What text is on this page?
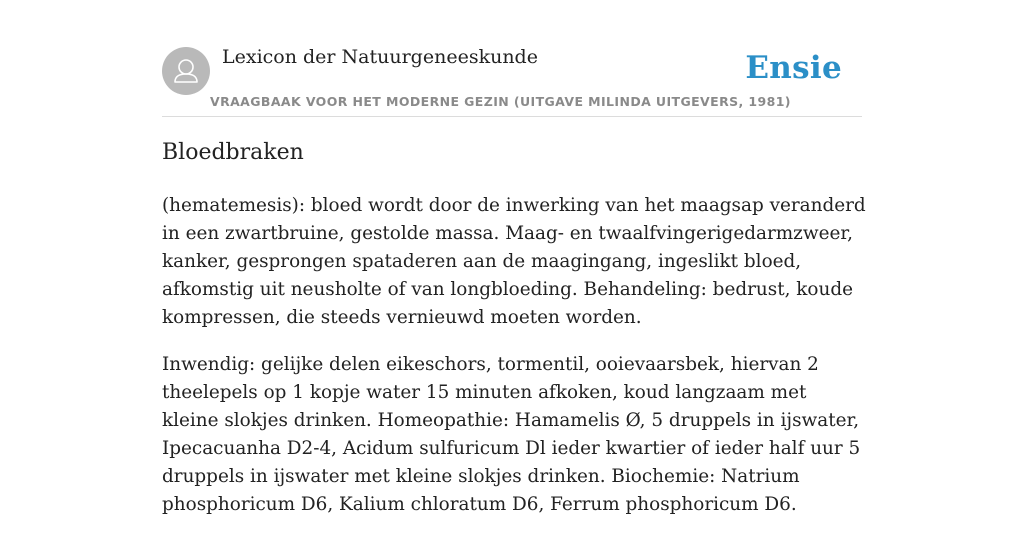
Lexicon der Natuurgeneeskunde
VRAAGBAAK VOOR HET MODERNE GEZIN (UITGAVE MILINDA UITGEVERS, 1981)
Ensie
Bloedbraken

(hematemesis): bloed wordt door de inwerking van het maagsap veranderd in een zwartbruine, gestolde massa. Maag- en twaalfvingerigedarmzweer, kanker, gesprongen spataderen aan de maagingang, ingeslikt bloed, afkomstig uit neusholte of van longbloeding. Behandeling: bedrust, koude kompressen, die steeds vernieuwd moeten worden.

Inwendig: gelijke delen eikeschors, tormentil, ooievaarsbek, hiervan 2 theelepels op 1 kopje water 15 minuten afkoken, koud langzaam met kleine slokjes drinken. Homeopathie: Hamamelis Ø, 5 druppels in ijswater, Ipecacuanha D2-4, Acidum sulfuricum Dl ieder kwartier of ieder half uur 5 druppels in ijswater met kleine slokjes drinken. Biochemie: Natrium phosphoricum D6, Kalium chloratum D6, Ferrum phosphoricum D6.
